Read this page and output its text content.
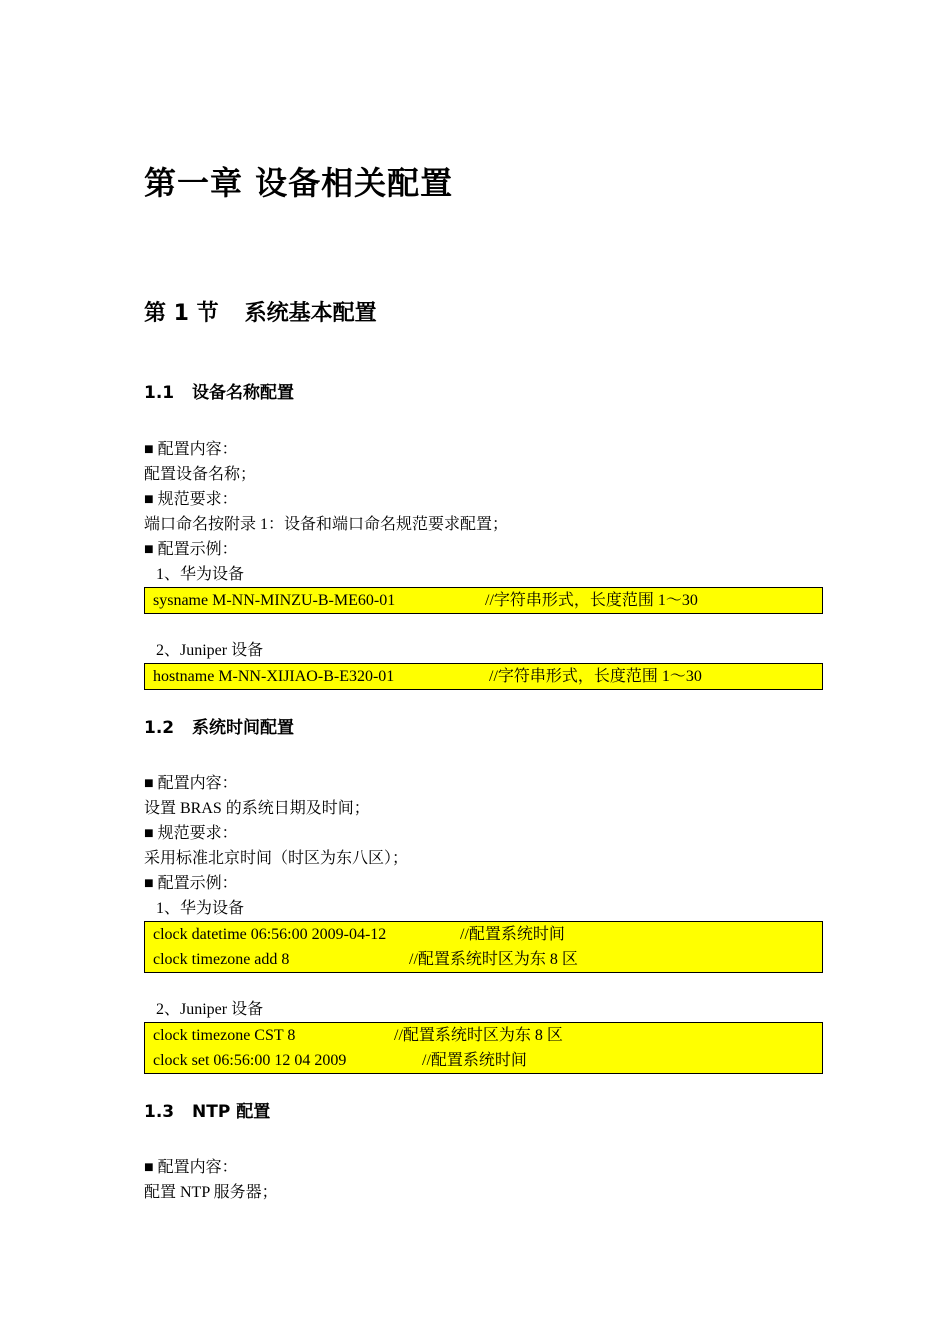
第一章 设备相关配置
第 1 节 系统基本配置
1.1 设备名称配置
■ 配置内容：
配置设备名称；
■ 规范要求：
端口命名按附录 1：设备和端口命名规范要求配置；
■ 配置示例：
1、华为设备
sysname M-NN-MINZU-B-ME60-01	//字符串形式，长度范围 1～30
2、Juniper 设备
hostname M-NN-XIJIAO-B-E320-01	//字符串形式，长度范围 1～30
1.2 系统时间配置
■ 配置内容：
设置 BRAS 的系统日期及时间；
■ 规范要求：
采用标准北京时间（时区为东八区）；
■ 配置示例：
1、华为设备
clock datetime 06:56:00 2009-04-12	//配置系统时间
clock timezone add 8	//配置系统时区为东 8 区
2、Juniper 设备
clock timezone CST 8	//配置系统时区为东 8 区
clock set 06:56:00 12 04 2009	//配置系统时间
1.3 NTP 配置
■ 配置内容：
配置 NTP 服务器；
